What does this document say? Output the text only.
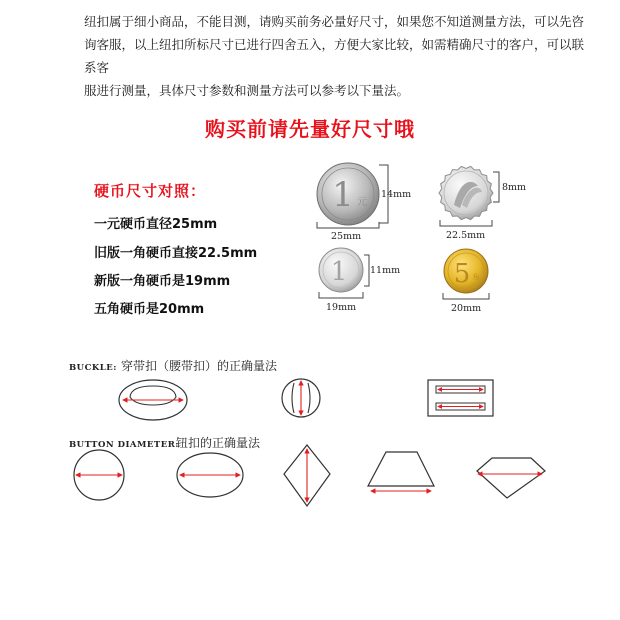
纽扣属于细小商品，不能目测，请购买前务必量好尺寸，如果您不知道测量方法，可以先咨
询客服，以上纽扣所标尺寸已进行四舍五入，方便大家比较，如需精确尺寸的客户，可以联系客
服进行测量，具体尺寸参数和测量方法可以参考以下量法。
购买前请先量好尺寸哦
硬币尺寸对照：
一元硬币直径25mm
旧版一角硬币直接22.5mm
新版一角硬币是19mm
五角硬币是20mm
1 元
14mm
25mm
8mm
22.5mm
1 11mm
19mm
5 角
20mm
BUCKLE: 穿带扣（腰带扣）的正确量法
BUTTON DIAMETER:
钮扣的正确量法
